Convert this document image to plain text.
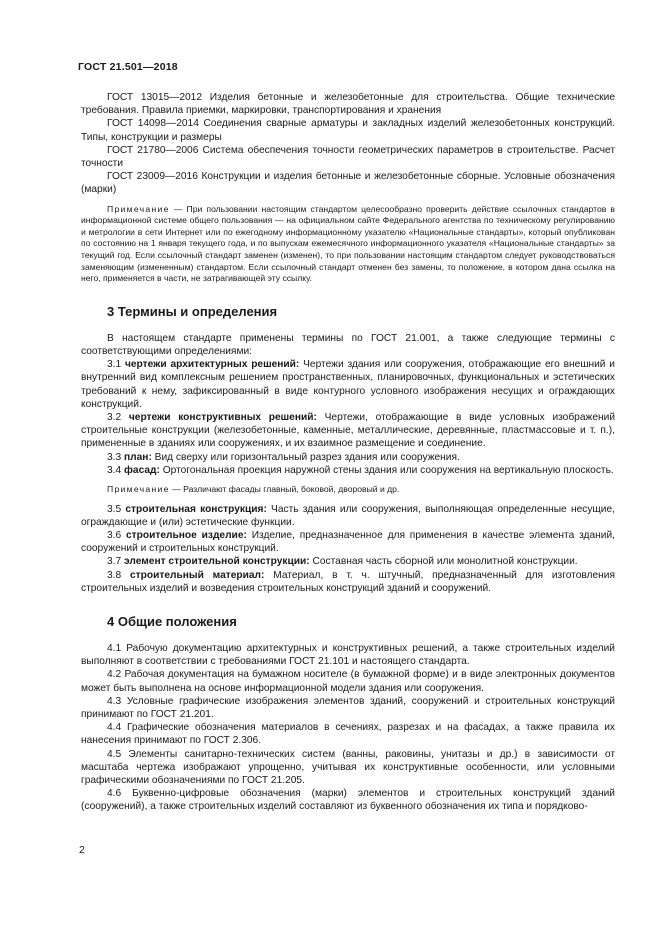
ГОСТ 21.501—2018

ГОСТ 13015—2012 Изделия бетонные и железобетонные для строительства. Общие технические требования. Правила приемки, маркировки, транспортирования и хранения

ГОСТ 14098—2014 Соединения сварные арматуры и закладных изделий железобетонных конструкций. Типы, конструкции и размеры

ГОСТ 21780—2006 Система обеспечения точности геометрических параметров в строительстве. Расчет точности

ГОСТ 23009—2016 Конструкции и изделия бетонные и железобетонные сборные. Условные обозначения (марки)

Примечание — При пользовании настоящим стандартом целесообразно проверить действие ссылочных стандартов в информационной системе общего пользования — на официальном сайте Федерального агентства по техническому регулированию и метрологии в сети Интернет или по ежегодному информационному указателю «Национальные стандарты», который опубликован по состоянию на 1 января текущего года, и по выпускам ежемесячного информационного указателя «Национальные стандарты» за текущий год. Если ссылочный стандарт заменен (изменен), то при пользовании настоящим стандартом следует руководствоваться заменяющим (измененным) стандартом. Если ссылочный стандарт отменен без замены, то положение, в котором дана ссылка на него, применяется в части, не затрагивающей эту ссылку.

3 Термины и определения

В настоящем стандарте применены термины по ГОСТ 21.001, а также следующие термины с соответствующими определениями:

3.1 чертежи архитектурных решений: Чертежи здания или сооружения, отображающие его внешний и внутренний вид комплексным решением пространственных, планировочных, функциональных и эстетических требований к нему, зафиксированный в виде контурного условного изображения несущих и ограждающих конструкций.

3.2 чертежи конструктивных решений: Чертежи, отображающие в виде условных изображений строительные конструкции (железобетонные, каменные, металлические, деревянные, пластмассовые и т. п.), примененные в зданиях или сооружениях, и их взаимное размещение и соединение.

3.3 план: Вид сверху или горизонтальный разрез здания или сооружения.

3.4 фасад: Ортогональная проекция наружной стены здания или сооружения на вертикальную плоскость.

Примечание — Различают фасады главный, боковой, дворовый и др.

3.5 строительная конструкция: Часть здания или сооружения, выполняющая определенные несущие, ограждающие и (или) эстетические функции.

3.6 строительное изделие: Изделие, предназначенное для применения в качестве элемента зданий, сооружений и строительных конструкций.

3.7 элемент строительной конструкции: Составная часть сборной или монолитной конструкции.

3.8 строительный материал: Материал, в т. ч. штучный, предназначенный для изготовления строительных изделий и возведения строительных конструкций зданий и сооружений.

4 Общие положения

4.1 Рабочую документацию архитектурных и конструктивных решений, а также строительных изделий выполняют в соответствии с требованиями ГОСТ 21.101 и настоящего стандарта.

4.2 Рабочая документация на бумажном носителе (в бумажной форме) и в виде электронных документов может быть выполнена на основе информационной модели здания или сооружения.

4.3 Условные графические изображения элементов зданий, сооружений и строительных конструкций принимают по ГОСТ 21.201.

4.4 Графические обозначения материалов в сечениях, разрезах и на фасадах, а также правила их нанесения принимают по ГОСТ 2.306.

4.5 Элементы санитарно-технических систем (ванны, раковины, унитазы и др.) в зависимости от масштаба чертежа изображают упрощенно, учитывая их конструктивные особенности, или условными графическими обозначениями по ГОСТ 21.205.

4.6 Буквенно-цифровые обозначения (марки) элементов и строительных конструкций зданий (сооружений), а также строительных изделий составляют из буквенного обозначения их типа и порядково-

2
